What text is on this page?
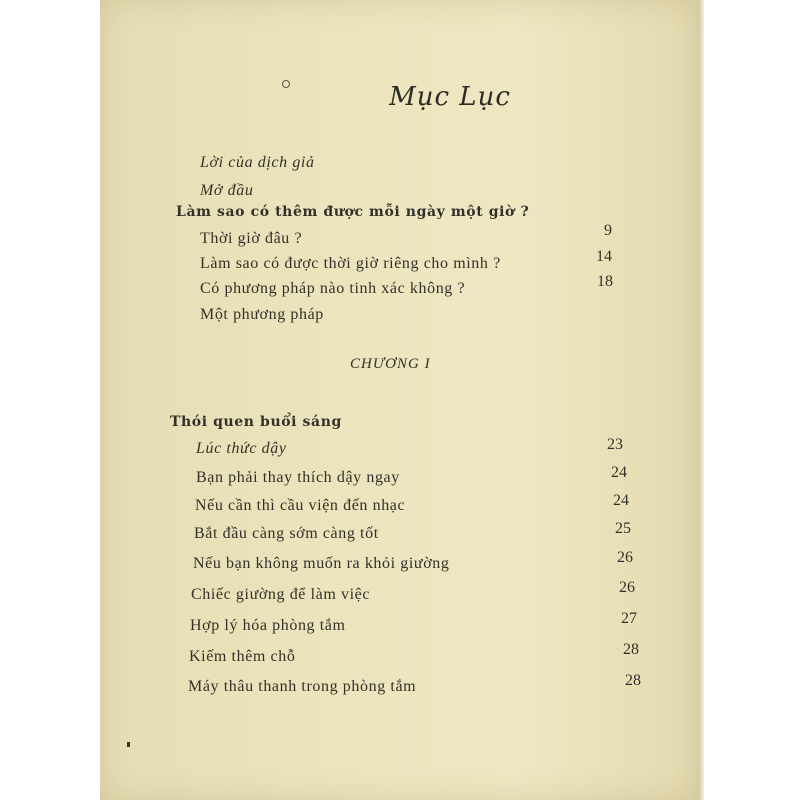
Mục Lục
Lời của dịch giả
Mở đầu
Làm sao có thêm được mỗi ngày một giờ ?
Thời giờ đâu ?	9
Làm sao có được thời giờ riêng cho mình ?	14
Có phương pháp nào tinh xác không ?	18
Một phương pháp
CHƯƠNG I
Thói quen buổi sáng
Lúc thức dậy	23
Bạn phải thay thích dậy ngay	24
Nếu cần thì cầu viện đến nhạc	24
Bắt đầu càng sớm càng tốt	25
Nếu bạn không muốn ra khỏi giường	26
Chiếc giường để làm việc	26
Hợp lý hóa phòng tắm	27
Kiếm thêm chỗ	28
Máy thâu thanh trong phòng tắm	28
